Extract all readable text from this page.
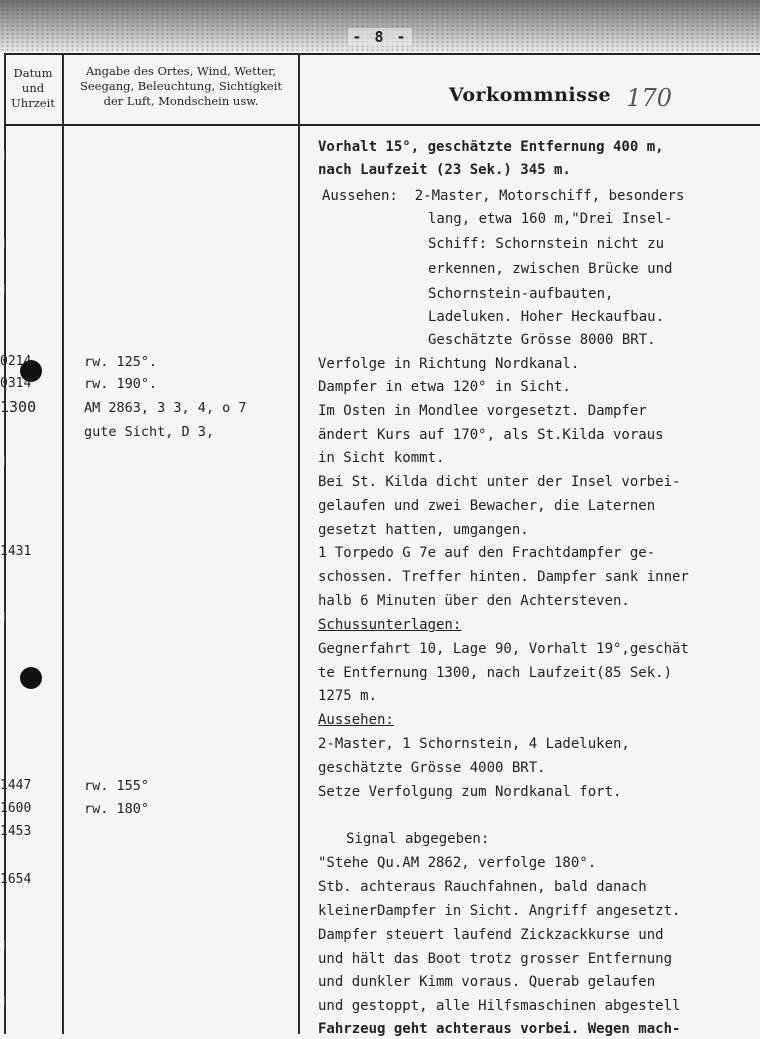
- 8 -
Datum
und
Uhrzeit
Angabe des Ortes, Wind, Wetter,
Seegang, Beleuchtung, Sichtigkeit
der Luft, Mondschein usw.	Vorkommnisse 170
0214
0314
1300
1431
1447
1600
1453
1654
rw. 125°.
rw. 190°.
AM 2863, 3 3, 4, o 7
gute Sicht, D 3,
rw. 155°
rw. 180°
Vorhalt 15°, geschätzte Entfernung 400 m,
nach Laufzeit (23 Sek.) 345 m.
Aussehen:  2-Master, Motorschiff, besonders
lang, etwa 160 m,"Drei Insel-
Schiff: Schornstein nicht zu
erkennen, zwischen Brücke und
Schornstein-aufbauten,
Ladeluken. Hoher Heckaufbau.
Geschätzte Grösse 8000 BRT.
Verfolge in Richtung Nordkanal.
Dampfer in etwa 120° in Sicht.
Im Osten in Mondlee vorgesetzt. Dampfer
ändert Kurs auf 170°, als St.Kilda voraus
in Sicht kommt.
Bei St. Kilda dicht unter der Insel vorbei-
gelaufen und zwei Bewacher, die Laternen
gesetzt hatten, umgangen.
1 Torpedo G 7e auf den Frachtdampfer ge-
schossen. Treffer hinten. Dampfer sank inner
halb 6 Minuten über den Achtersteven.
Schussunterlagen:
Gegnerfahrt 10, Lage 90, Vorhalt 19°,geschät
te Entfernung 1300, nach Laufzeit(85 Sek.)
1275 m.
Aussehen:
2-Master, 1 Schornstein, 4 Ladeluken,
geschätzte Grösse 4000 BRT.
Setze Verfolgung zum Nordkanal fort.
Signal abgegeben:
"Stehe Qu.AM 2862, verfolge 180°.
Stb. achteraus Rauchfahnen, bald danach
kleinerDampfer in Sicht. Angriff angesetzt.
Dampfer steuert laufend Zickzackkurse und
und hält das Boot trotz grosser Entfernung
und dunkler Kimm voraus. Querab gelaufen
und gestoppt, alle Hilfsmaschinen abgestell
Fahrzeug geht achteraus vorbei. Wegen mach-
